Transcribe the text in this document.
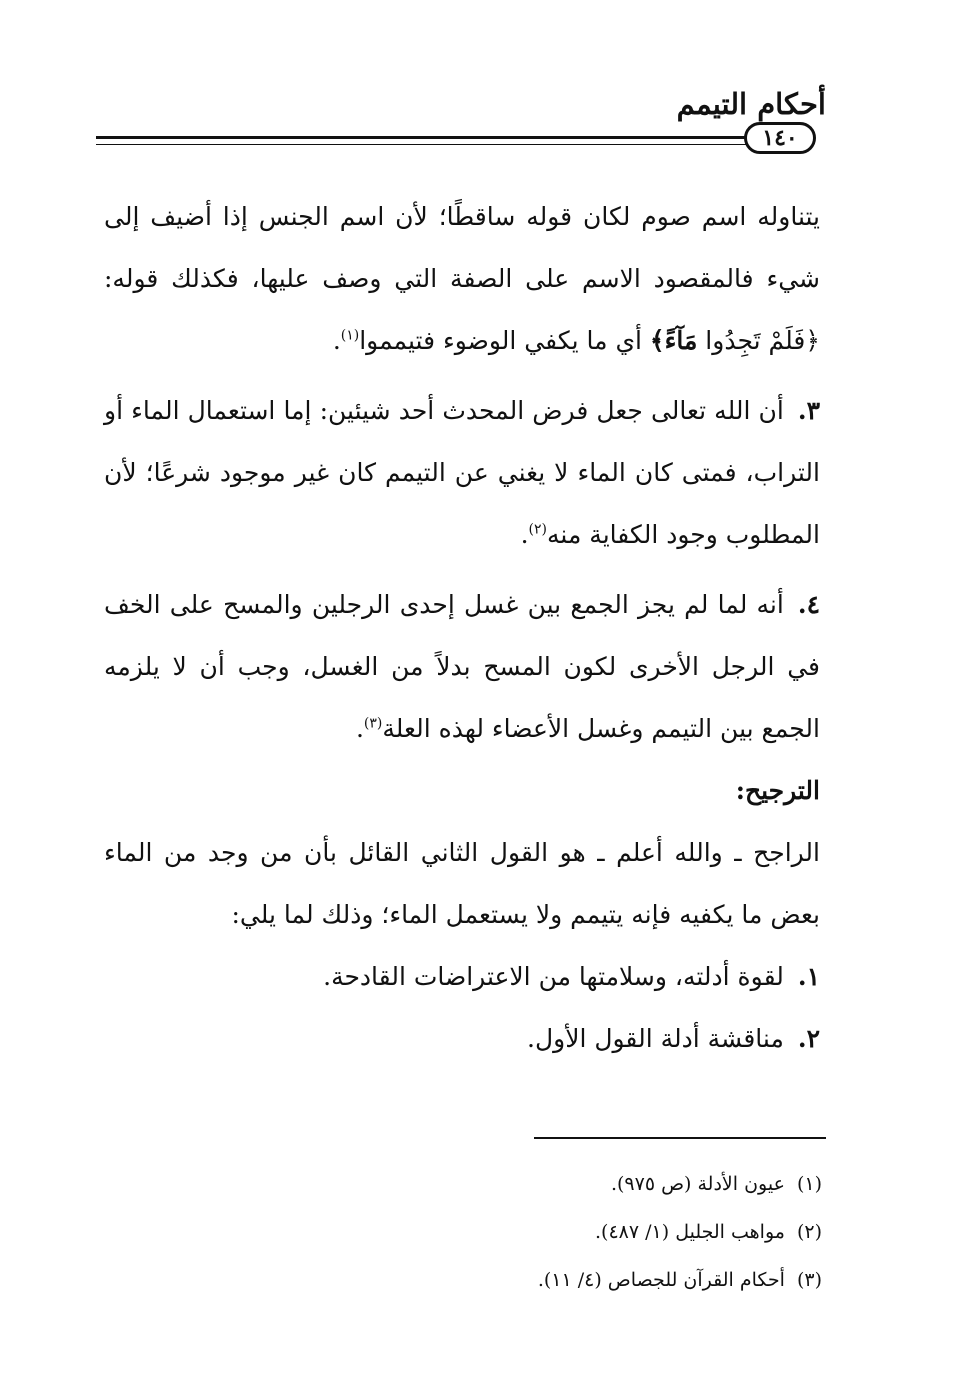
أحكام التيمم
١٤٠

يتناوله اسم صوم لكان قوله ساقطًا؛ لأن اسم الجنس إذا أضيف إلى شيء فالمقصود الاسم على الصفة التي وصف عليها، فكذلك قوله: ﴿فَلَمْ تَجِدُوا مَآءً﴾ أي ما يكفي الوضوء فتيمموا$^{(١)}$.

٣.أن الله تعالى جعل فرض المحدث أحد شيئين: إما استعمال الماء أو التراب، فمتى كان الماء لا يغني عن التيمم كان غير موجود شرعًا؛ لأن المطلوب وجود الكفاية منه$^{(٢)}$.

٤.أنه لما لم يجز الجمع بين غسل إحدى الرجلين والمسح على الخف في الرجل الأخرى لكون المسح بدلاً من الغسل، وجب أن لا يلزمه الجمع بين التيمم وغسل الأعضاء لهذه العلة$^{(٣)}$.

الترجيح:

الراجح ـ والله أعلم ـ هو القول الثاني القائل بأن من وجد من الماء بعض ما يكفيه فإنه يتيمم ولا يستعمل الماء؛ وذلك لما يلي:

١.لقوة أدلته، وسلامتها من الاعتراضات القادحة.

٢.مناقشة أدلة القول الأول.

(١)عيون الأدلة (ص ٩٧٥).
(٢)مواهب الجليل (١/ ٤٨٧).
(٣)أحكام القرآن للجصاص (٤/ ١١).
